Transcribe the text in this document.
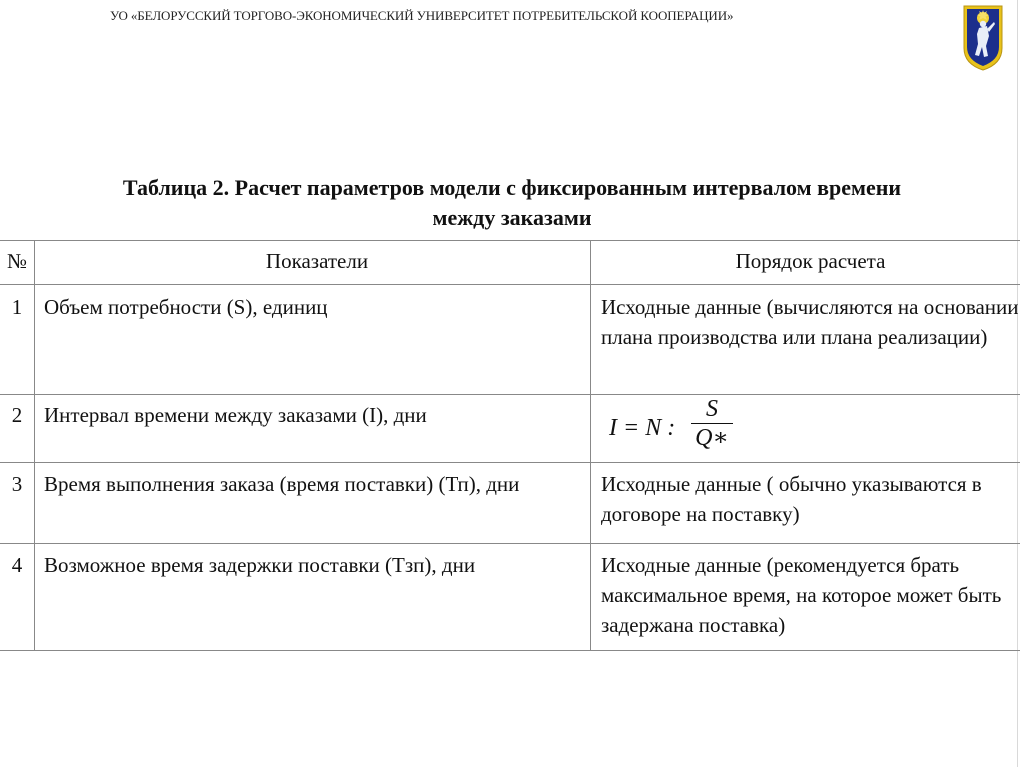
УО «БЕЛОРУССКИЙ ТОРГОВО-ЭКОНОМИЧЕСКИЙ УНИВЕРСИТЕТ ПОТРЕБИТЕЛЬСКОЙ КООПЕРАЦИИ»
Таблица 2. Расчет параметров модели с фиксированным интервалом времени
между заказами
№	Показатели	Порядок расчета
1	Объем потребности (S), единиц	Исходные данные (вычисляются на основании плана производства или плана реализации)
2	Интервал времени между заказами (I), дни	I = N :
S
Q∗

3	Время выполнения заказа (время поставки) (Тп), дни	Исходные данные ( обычно указываются в договоре на поставку)
4	Возможное время задержки поставки (Тзп), дни	Исходные данные (рекомендуется брать максимальное время, на которое может быть задержана поставка)
